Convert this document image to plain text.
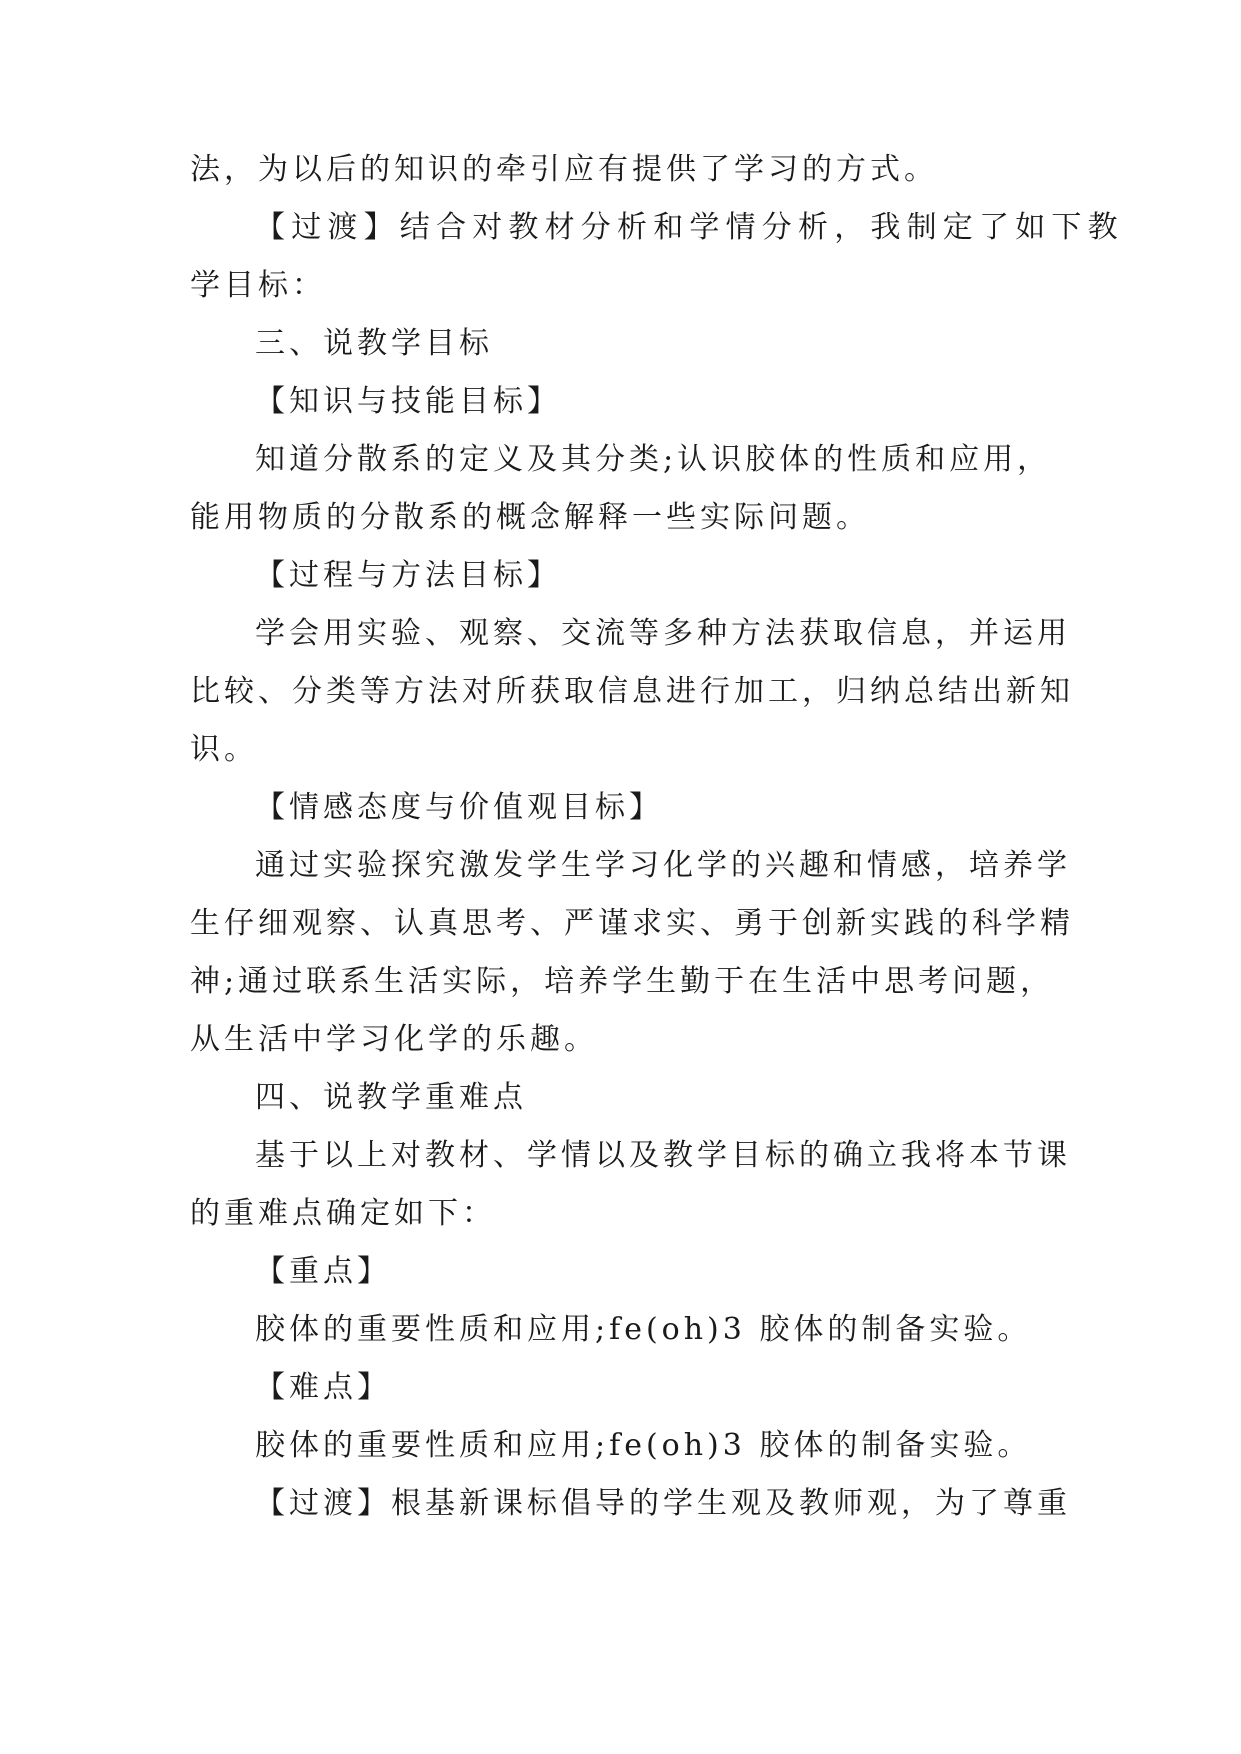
法，为以后的知识的牵引应有提供了学习的方式。
【过渡】结合对教材分析和学情分析，我制定了如下教
学目标：
三、说教学目标
【知识与技能目标】
知道分散系的定义及其分类;认识胶体的性质和应用，
能用物质的分散系的概念解释一些实际问题。
【过程与方法目标】
学会用实验、观察、交流等多种方法获取信息，并运用
比较、分类等方法对所获取信息进行加工，归纳总结出新知
识。
【情感态度与价值观目标】
通过实验探究激发学生学习化学的兴趣和情感，培养学
生仔细观察、认真思考、严谨求实、勇于创新实践的科学精
神;通过联系生活实际，培养学生勤于在生活中思考问题，
从生活中学习化学的乐趣。
四、说教学重难点
基于以上对教材、学情以及教学目标的确立我将本节课
的重难点确定如下：
【重点】
胶体的重要性质和应用;fe(oh)3 胶体的制备实验。
【难点】
胶体的重要性质和应用;fe(oh)3 胶体的制备实验。
【过渡】根基新课标倡导的学生观及教师观，为了尊重
